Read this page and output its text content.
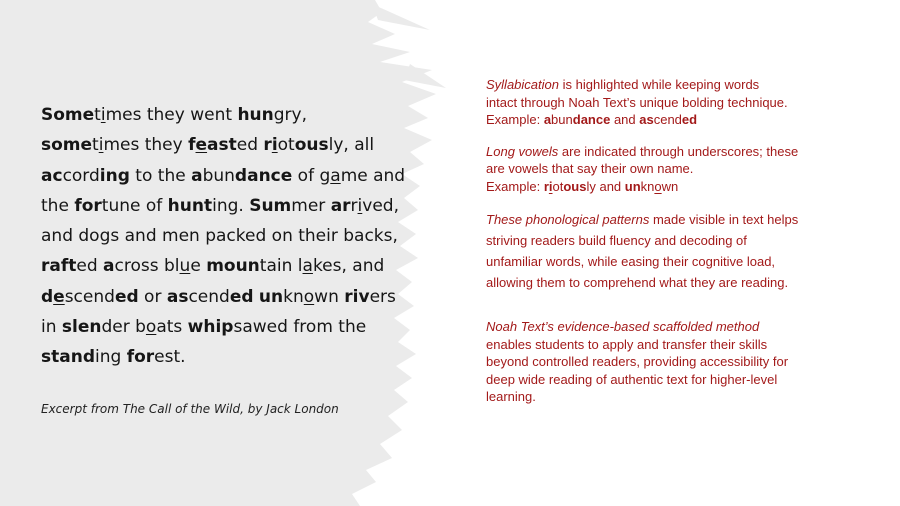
Sometimes they went hungry,
sometimes they feasted riotously, all
according to the abundance of game and
the fortune of hunting. Summer arrived,
and dogs and men packed on their backs,
rafted across blue mountain lakes, and
descended or ascended unknown rivers
in slender boats whipsawed from the
standing forest.
Excerpt from The Call of the Wild, by Jack London
Syllabication is highlighted while keeping words
intact through Noah Text’s unique bolding technique.
Example: abundance and ascended
Long vowels are indicated through underscores; these
are vowels that say their own name.
Example: riotously and unknown
These phonological patterns made visible in text helps
striving readers build fluency and decoding of
unfamiliar words, while easing their cognitive load,
allowing them to comprehend what they are reading.
Noah Text’s evidence-based scaffolded method
enables students to apply and transfer their skills
beyond controlled readers, providing accessibility for
deep wide reading of authentic text for higher-level
learning.
